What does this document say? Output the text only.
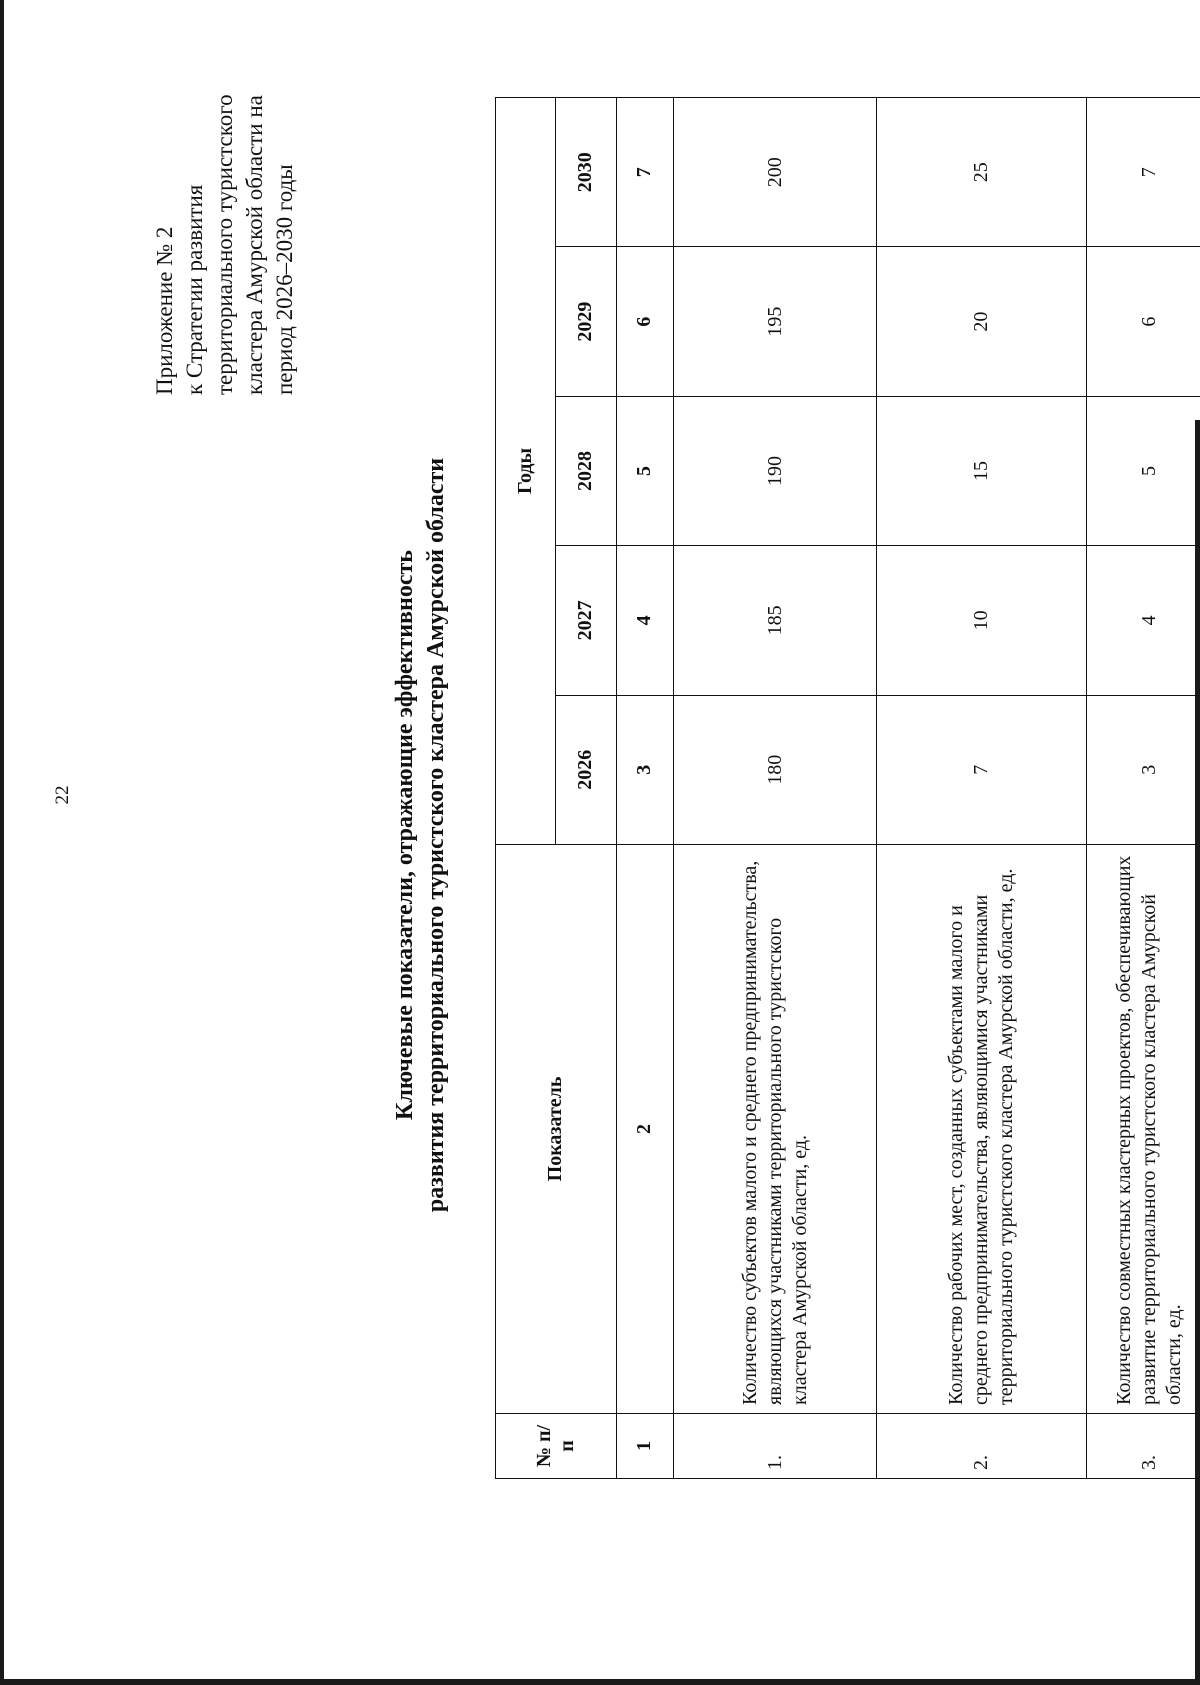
22
Приложение № 2 к Стратегии развития территориального туристского кластера Амурской области на период 2026–2030 годы
Ключевые показатели, отражающие эффективность развития территориального туристского кластера Амурской области
№ п/п	Показатель	Годы				
		2026	2027	2028	2029	2030
1	2	3	4	5	6	7
1.	Количество субъектов малого и среднего предпринимательства, являющихся участниками территориального туристского кластера Амурской области, ед.	180	185	190	195	200
2.	Количество рабочих мест, созданных субъектами малого и среднего предпринимательства, являющимися участниками территориального туристского кластера Амурской области, ед.	7	10	15	20	25
3.	Количество совместных кластерных проектов, обеспечивающих развитие территориального туристского кластера Амурской области, ед.	3	4	5	6	7
